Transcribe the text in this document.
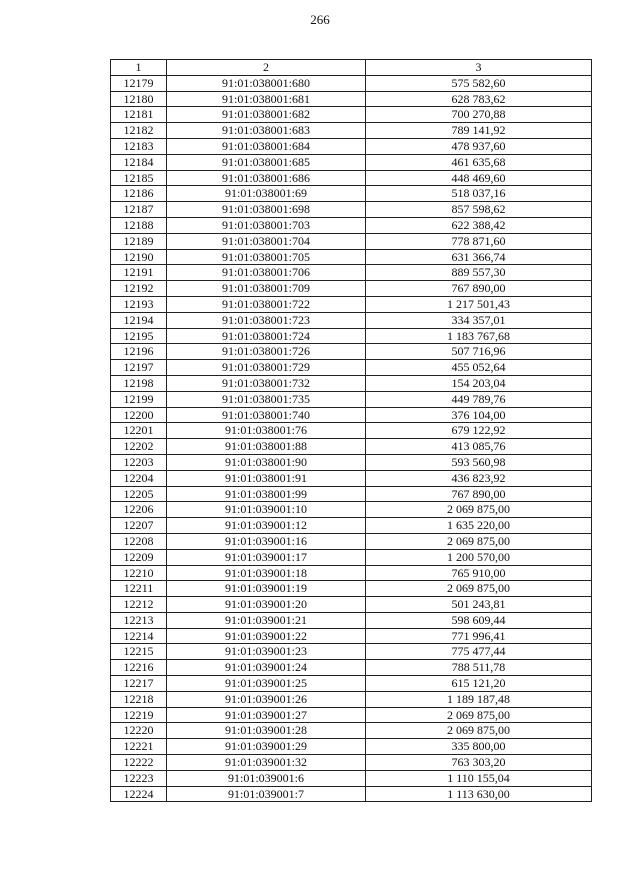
266
1	2	3
12179	91:01:038001:680	575 582,60
12180	91:01:038001:681	628 783,62
12181	91:01:038001:682	700 270,88
12182	91:01:038001:683	789 141,92
12183	91:01:038001:684	478 937,60
12184	91:01:038001:685	461 635,68
12185	91:01:038001:686	448 469,60
12186	91:01:038001:69	518 037,16
12187	91:01:038001:698	857 598,62
12188	91:01:038001:703	622 388,42
12189	91:01:038001:704	778 871,60
12190	91:01:038001:705	631 366,74
12191	91:01:038001:706	889 557,30
12192	91:01:038001:709	767 890,00
12193	91:01:038001:722	1 217 501,43
12194	91:01:038001:723	334 357,01
12195	91:01:038001:724	1 183 767,68
12196	91:01:038001:726	507 716,96
12197	91:01:038001:729	455 052,64
12198	91:01:038001:732	154 203,04
12199	91:01:038001:735	449 789,76
12200	91:01:038001:740	376 104,00
12201	91:01:038001:76	679 122,92
12202	91:01:038001:88	413 085,76
12203	91:01:038001:90	593 560,98
12204	91:01:038001:91	436 823,92
12205	91:01:038001:99	767 890,00
12206	91:01:039001:10	2 069 875,00
12207	91:01:039001:12	1 635 220,00
12208	91:01:039001:16	2 069 875,00
12209	91:01:039001:17	1 200 570,00
12210	91:01:039001:18	765 910,00
12211	91:01:039001:19	2 069 875,00
12212	91:01:039001:20	501 243,81
12213	91:01:039001:21	598 609,44
12214	91:01:039001:22	771 996,41
12215	91:01:039001:23	775 477,44
12216	91:01:039001:24	788 511,78
12217	91:01:039001:25	615 121,20
12218	91:01:039001:26	1 189 187,48
12219	91:01:039001:27	2 069 875,00
12220	91:01:039001:28	2 069 875,00
12221	91:01:039001:29	335 800,00
12222	91:01:039001:32	763 303,20
12223	91:01:039001:6	1 110 155,04
12224	91:01:039001:7	1 113 630,00
